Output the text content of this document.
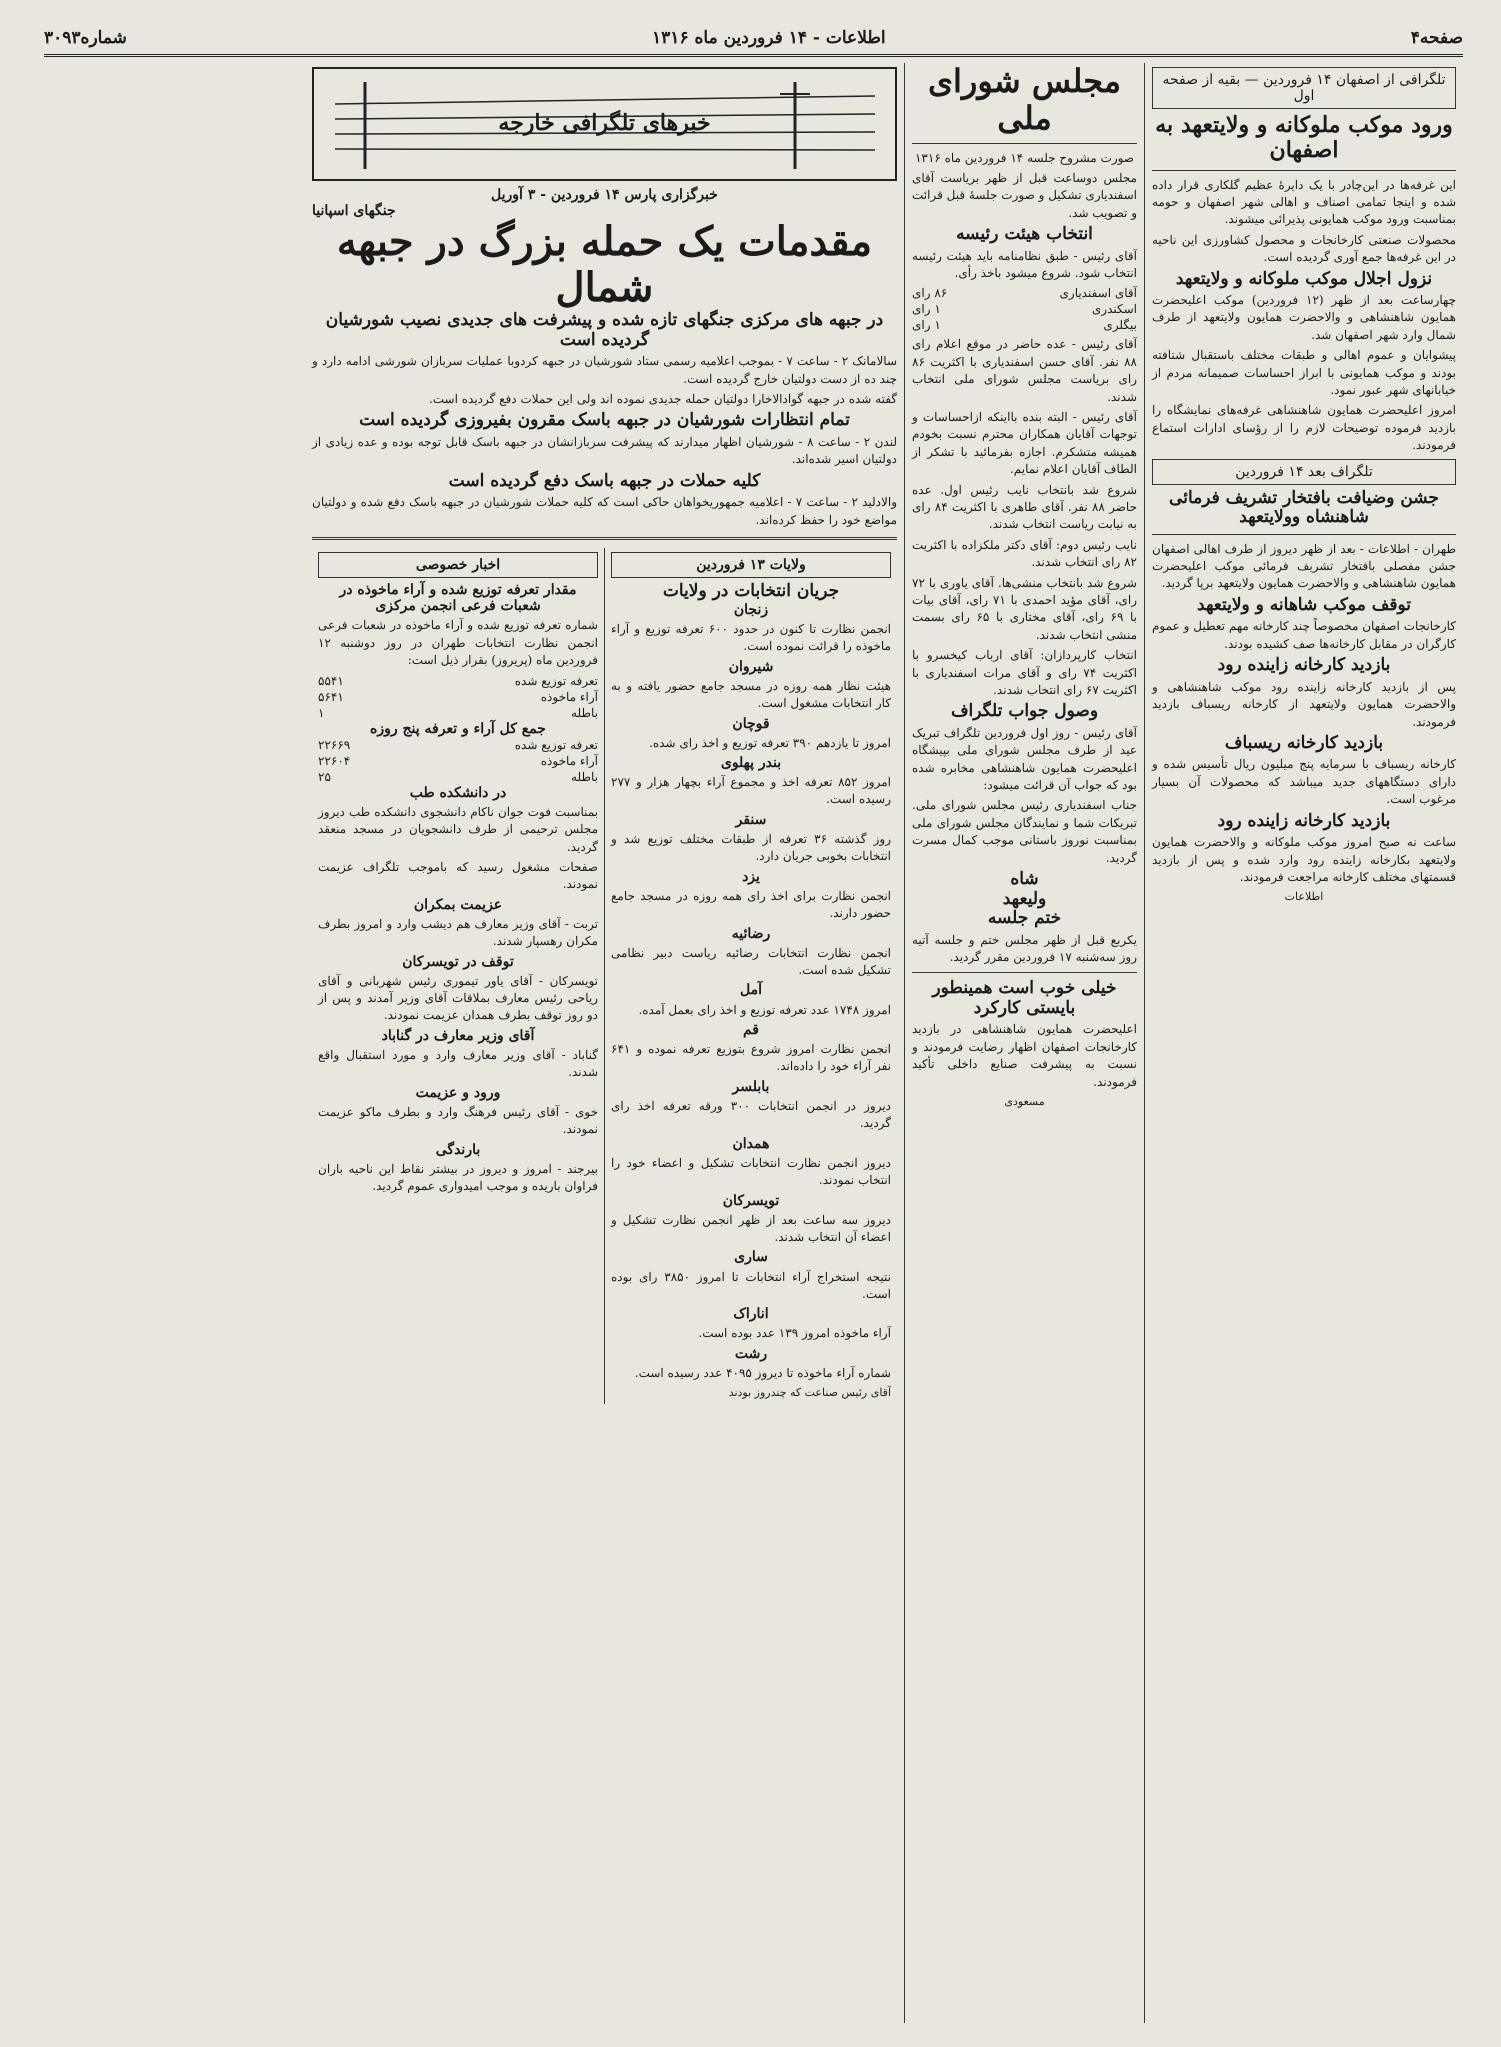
صفحه۴
اطلاعات - ۱۴ فروردین ماه ۱۳۱۶
شماره۳۰۹۳
تلگرافی از اصفهان ۱۴ فروردین — بقیه از صفحه اول
ورود موکب ملوکانه و ولایتعهد به اصفهان

این غرفه‌ها در این‌چادر با یک دایرهٔ عظیم گلکاری قرار داده شده و اینجا تمامی اصناف و اهالی شهر اصفهان و حومه بمناسبت ورود موکب همایونی پذیرائی میشوند.

محصولات صنعتی کارخانجات و محصول کشاورزی این ناحیه در این غرفه‌ها جمع آوری گردیده است.

نزول اجلال موکب ملوکانه و ولایتعهد

چهارساعت بعد از ظهر (۱۲ فروردین) موکب اعلیحضرت همایون شاهنشاهی و والاحضرت همایون ولایتعهد از طرف شمال وارد شهر اصفهان شد.

پیشوایان و عموم اهالی و طبقات مختلف باستقبال شتافته بودند و موکب همایونی با ابراز احساسات صمیمانه مردم از خیابانهای شهر عبور نمود.

امروز اعلیحضرت همایون شاهنشاهی غرفه‌های نمایشگاه را بازدید فرموده توضیحات لازم را از رؤسای ادارات استماع فرمودند.

تلگراف بعد ۱۴ فروردین
جشن وضیافت بافتخار تشریف فرمائی شاهنشاه وولایتعهد

طهران - اطلاعات - بعد از ظهر دیروز از طرف اهالی اصفهان جشن مفصلی بافتخار تشریف فرمائی موکب اعلیحضرت همایون شاهنشاهی و والاحضرت همایون ولایتعهد برپا گردید.

توقف موکب شاهانه و ولایتعهد

کارخانجات اصفهان مخصوصاً چند کارخانه مهم تعطیل و عموم کارگران در مقابل کارخانه‌ها صف کشیده بودند.

بازدید کارخانه زاینده رود

پس از بازدید کارخانه زاینده رود موکب شاهنشاهی و والاحضرت همایون ولایتعهد از کارخانه ریسباف بازدید فرمودند.

بازدید کارخانه ریسباف

کارخانه ریسباف با سرمایه پنج میلیون ریال تأسیس شده و دارای دستگاههای جدید میباشد که محصولات آن بسیار مرغوب است.

بازدید کارخانه زاینده رود

ساعت نه صبح امروز موکب ملوکانه و والاحضرت همایون ولایتعهد بکارخانه زاینده رود وارد شده و پس از بازدید قسمتهای مختلف کارخانه مراجعت فرمودند.

اطلاعات

مجلس شورای ملی

صورت مشروح جلسه ۱۴ فروردین ماه ۱۳۱۶

مجلس دوساعت قبل از ظهر بریاست آقای اسفندیاری تشکیل و صورت جلسهٔ قبل قرائت و تصویب شد.

انتخاب هیئت رئیسه

آقای رئیس - طبق نظامنامه باید هیئت رئیسه انتخاب شود. شروع میشود باخذ رأی.

آقای اسفندیاری
۸۶ رای
اسکندری
۱ رای
بیگلری
۱ رای

آقای رئیس - عده حاضر در موقع اعلام رای ۸۸ نفر. آقای حسن اسفندیاری با اکثریت ۸۶ رای بریاست مجلس شورای ملی انتخاب شدند.

آقای رئیس - البته بنده بااینکه ازاحساسات و توجهات آقایان همکاران محترم نسبت بخودم همیشه متشکرم. اجازه بفرمائید با تشکر از الطاف آقایان اعلام نمایم.

شروع شد بانتخاب نایب رئیس اول. عده حاضر ۸۸ نفر. آقای طاهری با اکثریت ۸۴ رای به نیابت ریاست انتخاب شدند.

نایب رئیس دوم: آقای دکتر ملکزاده با اکثریت ۸۲ رای انتخاب شدند.

شروع شد بانتخاب منشی‌ها. آقای یاوری با ۷۲ رای، آقای مؤید احمدی با ۷۱ رای، آقای بیات با ۶۹ رای، آقای مختاری با ۶۵ رای بسمت منشی انتخاب شدند.

انتخاب کارپردازان: آقای ارباب کیخسرو با اکثریت ۷۴ رای و آقای مرات اسفندیاری با اکثریت ۶۷ رای انتخاب شدند.

وصول جواب تلگراف

آقای رئیس - روز اول فروردین تلگراف تبریک عید از طرف مجلس شورای ملی بپیشگاه اعلیحضرت همایون شاهنشاهی مخابره شده بود که جواب آن قرائت میشود:

جناب اسفندیاری رئیس مجلس شورای ملی. تبریکات شما و نمایندگان مجلس شورای ملی بمناسبت نوروز باستانی موجب کمال مسرت گردید.

شاه
ولیعهد
ختم جلسه

یکربع قبل از ظهر مجلس ختم و جلسه آتیه روز سه‌شنبه ۱۷ فروردین مقرر گردید.

خیلی خوب است همینطور بایستی کارکرد

اعلیحضرت همایون شاهنشاهی در بازدید کارخانجات اصفهان اظهار رضایت فرمودند و نسبت به پیشرفت صنایع داخلی تأکید فرمودند.

مسعودی

خبرهای تلگرافی خارجه
خبرگزاری پارس ۱۴ فروردین - ۳ آوریل
جنگهای اسپانیا
مقدمات یک حمله بزرگ در جبهه شمال
در جبهه های مرکزی جنگهای تازه شده و پیشرفت های جدیدی نصیب شورشیان گردیده است

سالامانک ۲ - ساعت ۷ - بموجب اعلامیه رسمی ستاد شورشیان در جبهه کردوبا عملیات سربازان شورشی ادامه دارد و چند ده از دست دولتیان خارج گردیده است.

گفته شده در جبهه گوادالاخارا دولتیان حمله جدیدی نموده اند ولی این حملات دفع گردیده است.

تمام انتظارات شورشیان در جبهه باسک مقرون بفیروزی گردیده است

لندن ۲ - ساعت ۸ - شورشیان اظهار میدارند که پیشرفت سربازانشان در جبهه باسک قابل توجه بوده و عده زیادی از دولتیان اسیر شده‌اند.

کلیه حملات در جبهه باسک دفع گردیده است

والادلید ۲ - ساعت ۷ - اعلامیه جمهوریخواهان حاکی است که کلیه حملات شورشیان در جبهه باسک دفع شده و دولتیان مواضع خود را حفظ کرده‌اند.

ولایات ۱۳ فروردین
جریان انتخابات در ولایات
زنجان

انجمن نظارت تا کنون در حدود ۶۰۰ تعرفه توزیع و آراء ماخوذه را قرائت نموده است.

شیروان

هیئت نظار همه روزه در مسجد جامع حضور یافته و به کار انتخابات مشغول است.

قوچان

امروز تا یازدهم ۳۹۰ تعرفه توزیع و اخذ رای شده.

بندر پهلوی

امروز ۸۵۲ تعرفه اخذ و مجموع آراء بچهار هزار و ۲۷۷ رسیده است.

سنقر

روز گذشته ۳۶ تعرفه از طبقات مختلف توزیع شد و انتخابات بخوبی جریان دارد.

یزد

انجمن نظارت برای اخذ رای همه روزه در مسجد جامع حضور دارند.

رضائیه

انجمن نظارت انتخابات رضائیه ریاست دبیر نظامی تشکیل شده است.

آمل

امروز ۱۷۴۸ عدد تعرفه توزیع و اخذ رای بعمل آمده.

قم

انجمن نظارت امروز شروع بتوزیع تعرفه نموده و ۶۴۱ نفر آراء خود را داده‌اند.

بابلسر

دیروز در انجمن انتخابات ۳۰۰ ورقه تعرفه اخذ رای گردید.

همدان

دیروز انجمن نظارت انتخابات تشکیل و اعضاء خود را انتخاب نمودند.

تویسرکان

دیروز سه ساعت بعد از ظهر انجمن نظارت تشکیل و اعضاء آن انتخاب شدند.

ساری

نتیجه استخراج آراء انتخابات تا امروز ۳۸۵۰ رای بوده است.

اناراک

آراء ماخوذه امروز ۱۳۹ عدد بوده است.

رشت

شماره آراء ماخوذه تا دیروز ۴۰۹۵ عدد رسیده است.

آقای رئیس صناعت که چندروز بودند

اخبار خصوصی
مقدار تعرفه توزیع شده و آراء ماخوذه در شعبات فرعی انجمن مرکزی

شماره تعرفه توزیع شده و آراء ماخوذه در شعبات فرعی انجمن نظارت انتخابات طهران در روز دوشنبه ۱۲ فروردین ماه (پریروز) بقرار ذیل است:

تعرفه توزیع شده
۵۵۴۱
آراء ماخوذه
۵۶۴۱
باطله
۱
جمع کل آراء و تعرفه پنج روزه
تعرفه توزیع شده
۲۲۶۶۹
آراء ماخوذه
۲۲۶۰۴
باطله
۲۵
در دانشکده طب

بمناسبت فوت جوان ناکام دانشجوی دانشکده طب دیروز مجلس ترحیمی از طرف دانشجویان در مسجد منعقد گردید.

صفحات مشغول رسید که باموجب تلگراف عزیمت نمودند.

عزیمت بمکران

تربت - آقای وزیر معارف هم دیشب وارد و امروز بطرف مکران رهسپار شدند.

توقف در تویسرکان

تویسرکان - آقای یاور تیموری رئیس شهربانی و آقای ریاحی رئیس معارف بملاقات آقای وزیر آمدند و پس از دو روز توقف بطرف همدان عزیمت نمودند.

آقای وزیر معارف در گناباد

گناباد - آقای وزیر معارف وارد و مورد استقبال واقع شدند.

ورود و عزیمت

خوی - آقای رئیس فرهنگ وارد و بطرف ماکو عزیمت نمودند.

بارندگی

بیرجند - امروز و دیروز در بیشتر نقاط این ناحیه باران فراوان باریده و موجب امیدواری عموم گردید.
